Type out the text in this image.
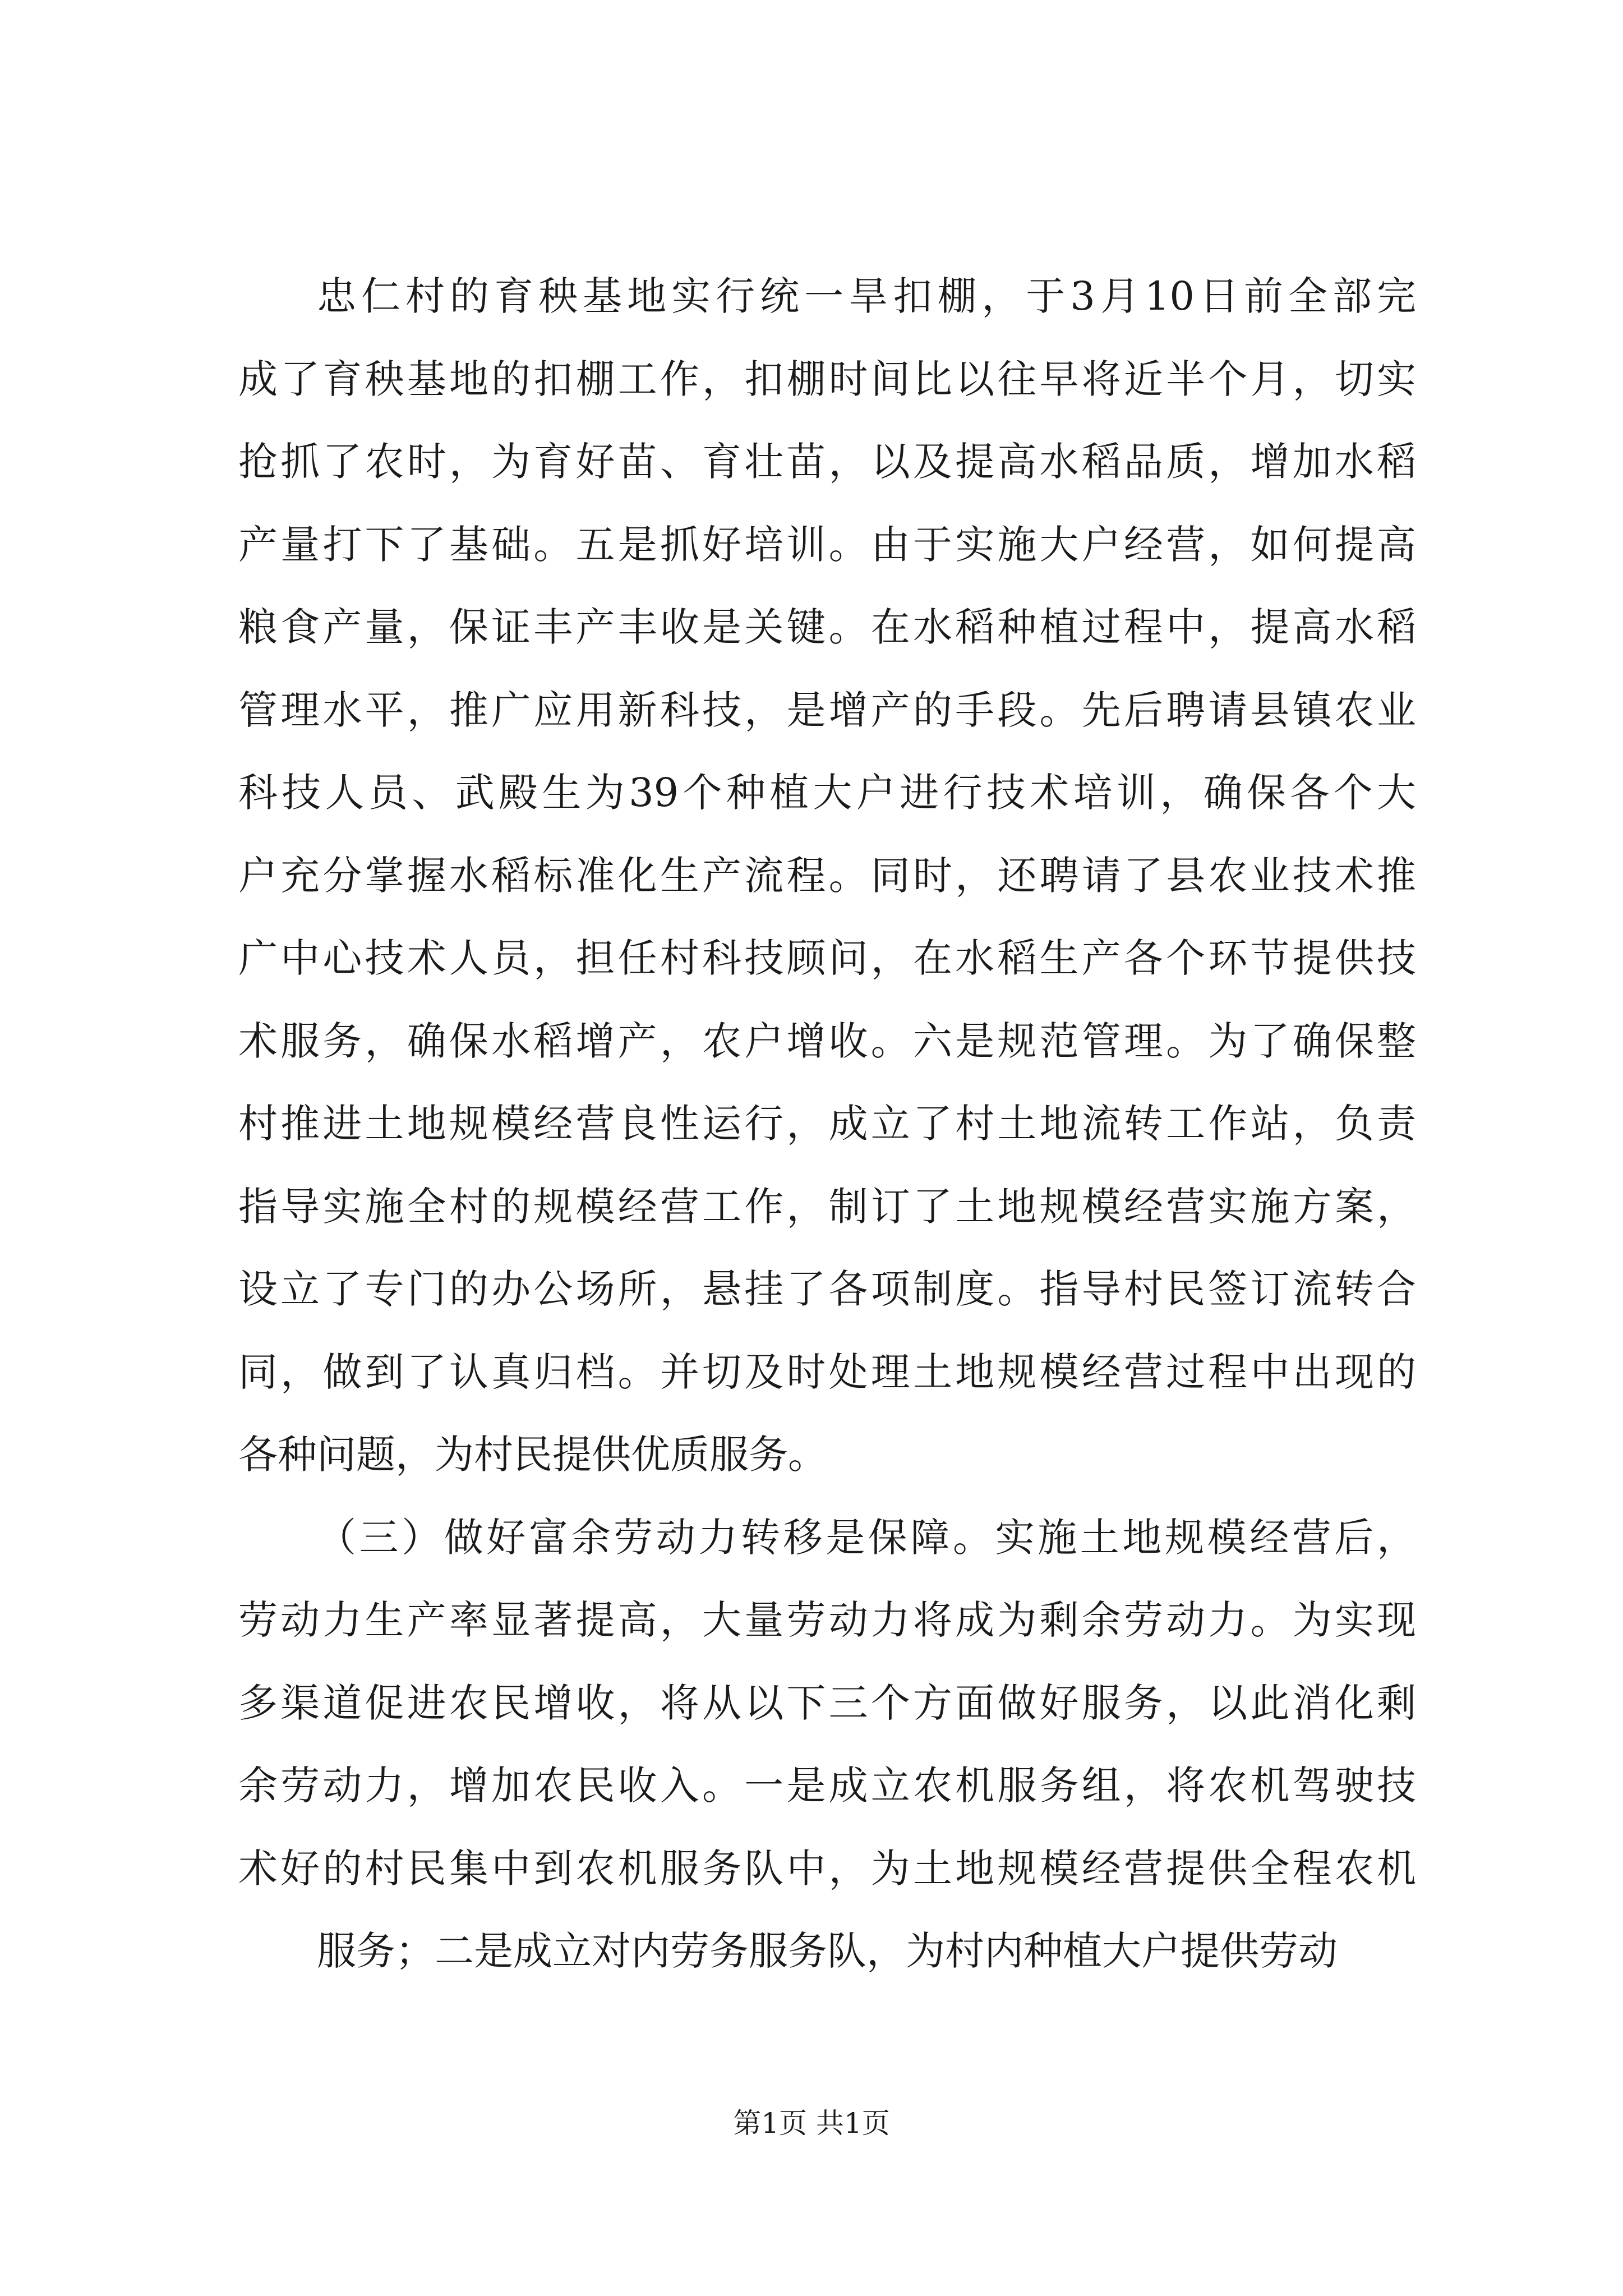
忠仁村的育秧基地实行统一旱扣棚，于3月10日前全部完
成了育秧基地的扣棚工作，扣棚时间比以往早将近半个月，切实
抢抓了农时，为育好苗、育壮苗，以及提高水稻品质，增加水稻
产量打下了基础。五是抓好培训。由于实施大户经营，如何提高
粮食产量，保证丰产丰收是关键。在水稻种植过程中，提高水稻
管理水平，推广应用新科技，是增产的手段。先后聘请县镇农业
科技人员、武殿生为39个种植大户进行技术培训，确保各个大
户充分掌握水稻标准化生产流程。同时，还聘请了县农业技术推
广中心技术人员，担任村科技顾问，在水稻生产各个环节提供技
术服务，确保水稻增产，农户增收。六是规范管理。为了确保整
村推进土地规模经营良性运行，成立了村土地流转工作站，负责
指导实施全村的规模经营工作，制订了土地规模经营实施方案，
设立了专门的办公场所，悬挂了各项制度。指导村民签订流转合
同，做到了认真归档。并切及时处理土地规模经营过程中出现的
各种问题，为村民提供优质服务。
（三）做好富余劳动力转移是保障。实施土地规模经营后，
劳动力生产率显著提高，大量劳动力将成为剩余劳动力。为实现
多渠道促进农民增收，将从以下三个方面做好服务，以此消化剩
余劳动力，增加农民收入。一是成立农机服务组，将农机驾驶技
术好的村民集中到农机服务队中，为土地规模经营提供全程农机
服务；二是成立对内劳务服务队，为村内种植大户提供劳动
第1页 共1页
